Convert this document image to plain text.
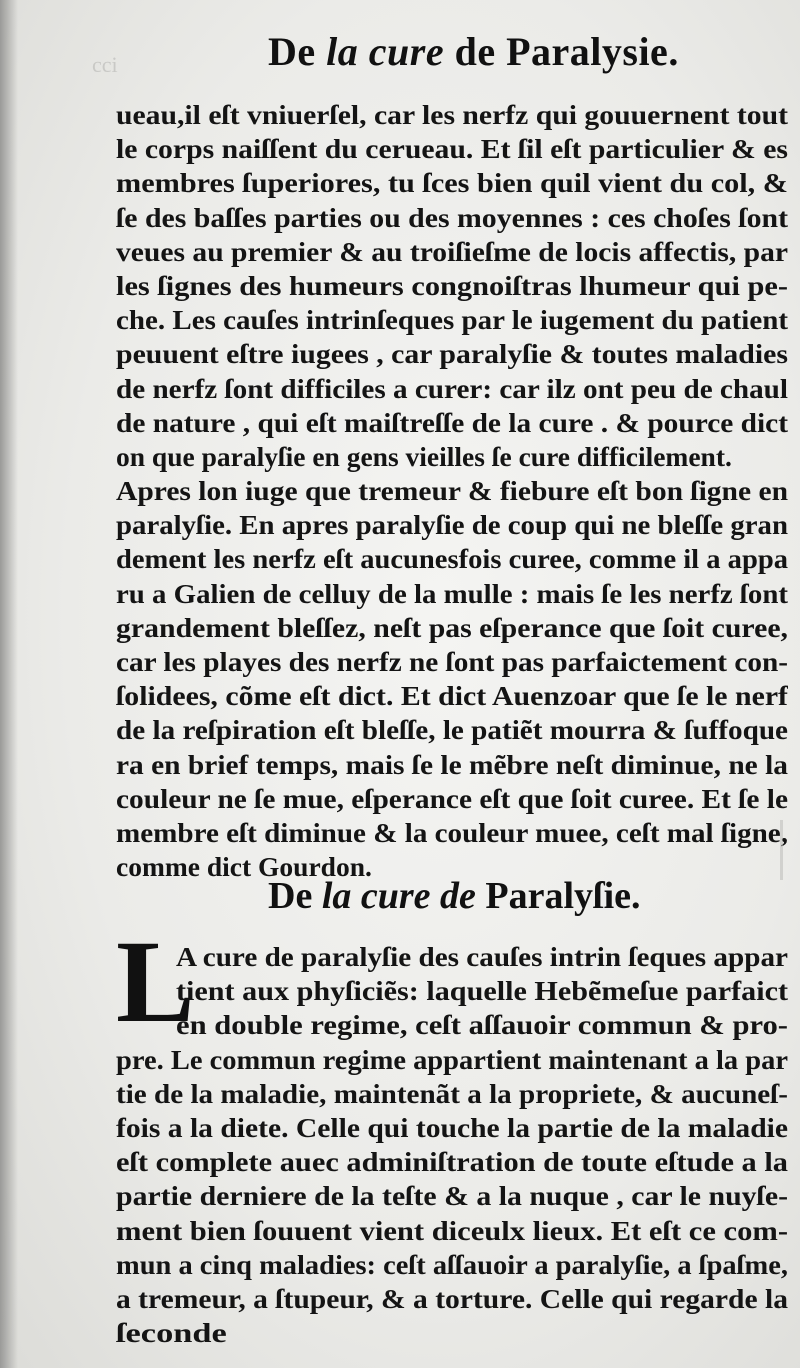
cci	De la cure de Paralysie.
ueau,il eſt vniuerſel, car les nerfz qui gouuernent tout
le corps naiſſent du cerueau. Et ſil eſt particulier & es
membres ſuperiores, tu ſces bien quil vient du col, &
ſe des baſſes parties ou des moyennes : ces choſes ſont
veues au premier & au troiſieſme de locis affectis, par
les ſignes des humeurs congnoiſtras lhumeur qui pe-
che. Les cauſes intrinſeques par le iugement du patient
peuuent eſtre iugees , car paralyſie & toutes maladies
de nerfz ſont difficiles a curer: car ilz ont peu de chaul
de nature , qui eſt maiſtreſſe de la cure . & pource dict
on que paralyſie en gens vieilles ſe cure difficilement.
Apres lon iuge que tremeur & fiebure eſt bon ſigne en
paralyſie. En apres paralyſie de coup qui ne bleſſe gran
dement les nerfz eſt aucunesfois curee, comme il a appa
ru a Galien de celluy de la mulle : mais ſe les nerfz ſont
grandement bleſſez, neſt pas eſperance que ſoit curee,
car les playes des nerfz ne ſont pas parfaictement con-
ſolidees, cõme eſt dict. Et dict Auenzoar que ſe le nerf
de la reſpiration eſt bleſſe, le patiẽt mourra & ſuffoque
ra en brief temps, mais ſe le mẽbre neſt diminue, ne la
couleur ne ſe mue, eſperance eſt que ſoit curee. Et ſe le
membre eſt diminue & la couleur muee, ceſt mal ſigne,
comme dict Gourdon.
De la cure de Paralyſie.
L
A cure de paralyſie des cauſes intrin ſeques appar
tient aux phyſiciẽs: laquelle Hebẽmeſue parfaict
en double regime, ceſt aſſauoir commun & pro-
pre. Le commun regime appartient maintenant a la par
tie de la maladie, maintenãt a la propriete, & aucuneſ-
fois a la diete. Celle qui touche la partie de la maladie
eſt complete auec adminiſtration de toute eſtude a la
partie derniere de la teſte & a la nuque , car le nuyſe-
ment bien ſouuent vient diceulx lieux. Et eſt ce com-
mun a cinq maladies: ceſt aſſauoir a paralyſie, a ſpaſme,
a tremeur, a ſtupeur, & a torture. Celle qui regarde la
ſeconde
